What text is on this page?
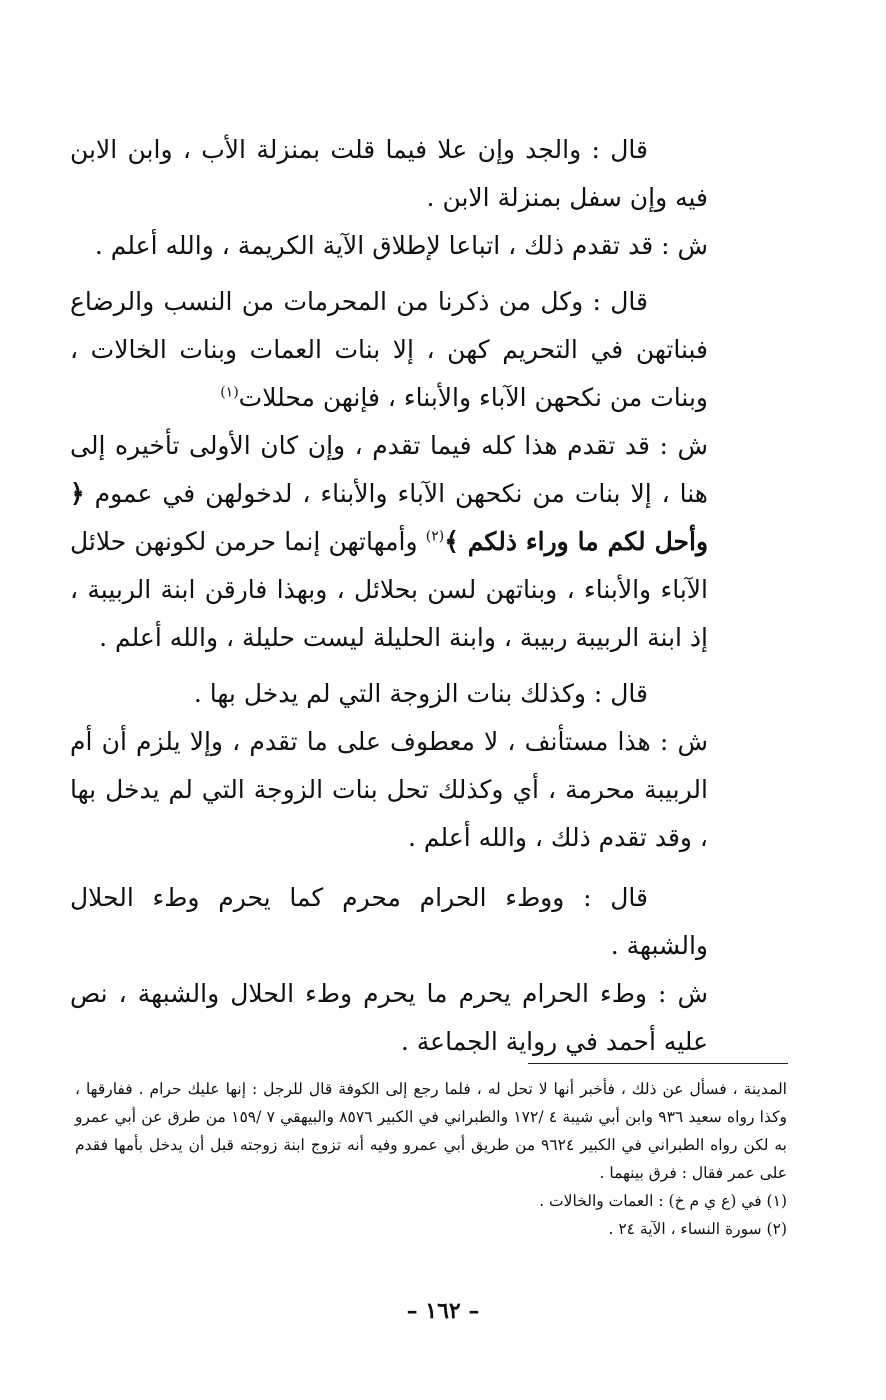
قال : والجد وإن علا فيما قلت بمنزلة الأب ، وابن الابن فيه وإن سفل بمنزلة الابن .

ش : قد تقدم ذلك ، اتباعا لإطلاق الآية الكريمة ، والله أعلم .

قال : وكل من ذكرنا من المحرمات من النسب والرضاع فبناتهن في التحريم كهن ، إلا بنات العمات وبنات الخالات ، وبنات من نكحهن الآباء والأبناء ، فإنهن محللات$^{(١)}$

ش : قد تقدم هذا كله فيما تقدم ، وإن كان الأولى تأخيره إلى هنا ، إلا بنات من نكحهن الآباء والأبناء ، لدخولهن في عموم ﴿ وأحل لكم ما وراء ذلكم ﴾$^{(٢)}$ وأمهاتهن إنما حرمن لكونهن حلائل الآباء والأبناء ، وبناتهن لسن بحلائل ، وبهذا فارقن ابنة الربيبة ، إذ ابنة الربيبة ربيبة ، وابنة الحليلة ليست حليلة ، والله أعلم .

قال : وكذلك بنات الزوجة التي لم يدخل بها .

ش : هذا مستأنف ، لا معطوف على ما تقدم ، وإلا يلزم أن أم الربيبة محرمة ، أي وكذلك تحل بنات الزوجة التي لم يدخل بها ، وقد تقدم ذلك ، والله أعلم .

قال : ووطء الحرام محرم كما يحرم وطء الحلال والشبهة .

ش : وطء الحرام يحرم ما يحرم وطء الحلال والشبهة ، نص عليه أحمد في رواية الجماعة .

المدينة ، فسأل عن ذلك ، فأخبر أنها لا تحل له ، فلما رجع إلى الكوفة قال للرجل : إنها عليك حرام . ففارقها ، وكذا رواه سعيد ٩٣٦ وابن أبي شيبة ٤ /١٧٢ والطبراني في الكبير ٨٥٧٦ والبيهقي ٧ /١٥٩ من طرق عن أبي عمرو به لكن رواه الطبراني في الكبير ٩٦٢٤ من طريق أبي عمرو وفيه أنه تزوج ابنة زوجته قبل أن يدخل بأمها فقدم على عمر فقال : فرق بينهما .

(١) في (ع ي م خ) : العمات والخالات .

(٢) سورة النساء ، الآية ٢٤ .

– ١٦٢ –
